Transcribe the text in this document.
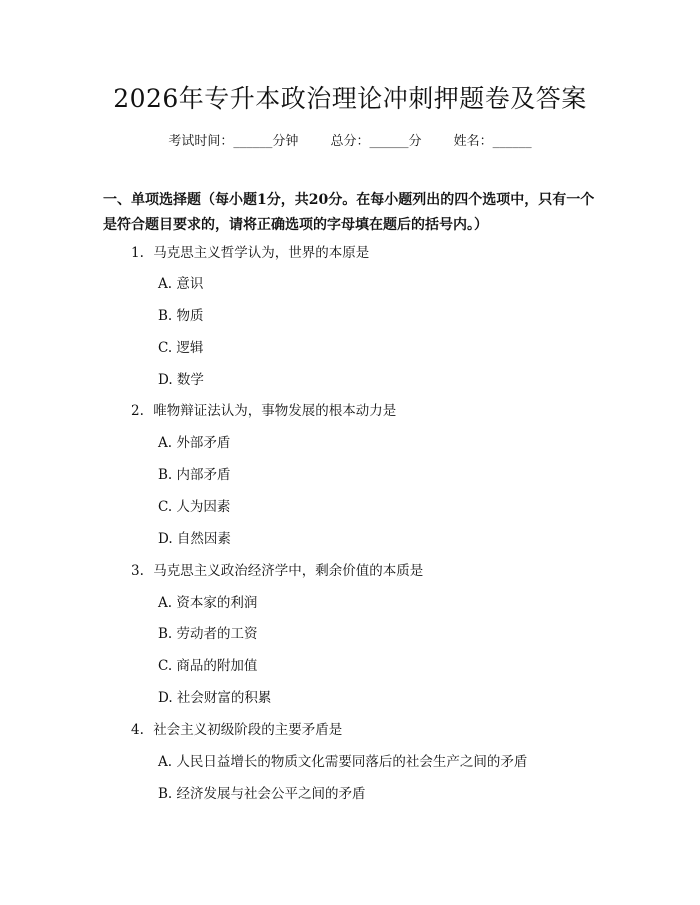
2026年专升本政治理论冲刺押题卷及答案
考试时间：______分钟 总分：______分 姓名：______
一、单项选择题（每小题1分，共20分。在每小题列出的四个选项中，只有一个是符合题目要求的，请将正确选项的字母填在题后的括号内。）
1. 马克思主义哲学认为，世界的本原是
A. 意识
B. 物质
C. 逻辑
D. 数学
2. 唯物辩证法认为，事物发展的根本动力是
A. 外部矛盾
B. 内部矛盾
C. 人为因素
D. 自然因素
3. 马克思主义政治经济学中，剩余价值的本质是
A. 资本家的利润
B. 劳动者的工资
C. 商品的附加值
D. 社会财富的积累
4. 社会主义初级阶段的主要矛盾是
A. 人民日益增长的物质文化需要同落后的社会生产之间的矛盾
B. 经济发展与社会公平之间的矛盾
